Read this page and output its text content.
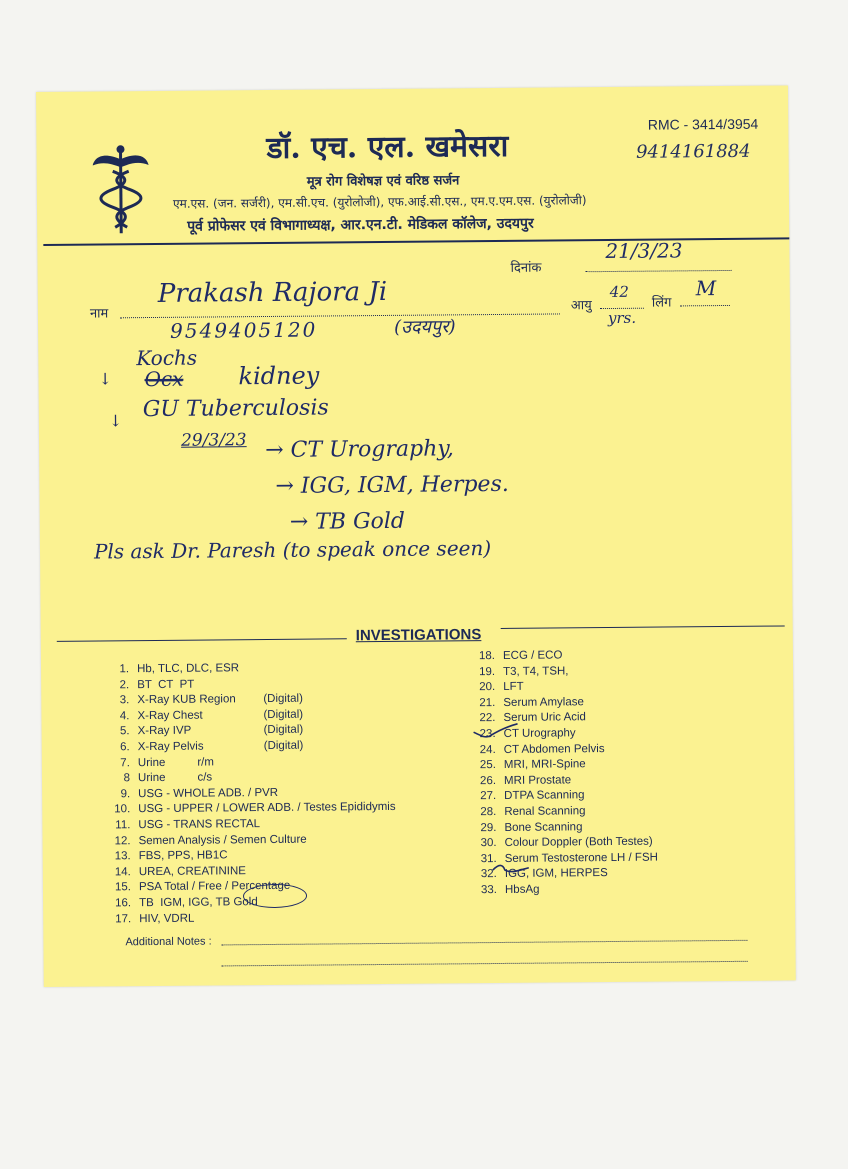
डॉ. एच. एल. खमेसरा
RMC - 3414/3954
9414161884
मूत्र रोग विशेषज्ञ एवं वरिष्ठ सर्जन
एम.एस. (जन. सर्जरी), एम.सी.एच. (युरोलोजी), एफ.आई.सी.एस., एम.ए.एम.एस. (युरोलोजी)
पूर्व प्रोफेसर एवं विभागाध्यक्ष, आर.एन.टी. मेडिकल कॉलेज, उदयपुर
दिनांक
21/3/23
नाम
Prakash Rajora Ji	आयु
42
लिंग
M
yrs.
9549405120	(उदयपुर)
↓
Kochs
O̶c̶x̶ kidney
↓ GU Tuberculosis
29/3/23 → CT Urography,
→ IGG, IGM, Herpes.
→ TB Gold
Pls ask Dr. Paresh (to speak once seen)
INVESTIGATIONS
1. Hb, TLC, DLC, ESR
2. BT  CT  PT
3. X-Ray KUB Region (Digital)
4. X-Ray Chest	(Digital)
5. X-Ray IVP	(Digital)
6. X-Ray Pelvis	(Digital)
7. Urine          r/m
8 Urine          c/s
9. USG - WHOLE ADB. / PVR
10. USG - UPPER / LOWER ADB. / Testes Epididymis
11. USG - TRANS RECTAL
12. Semen Analysis / Semen Culture
13. FBS, PPS, HB1C
14. UREA, CREATININE
15. PSA Total / Free / Percentage
16. TB  IGM, IGG, TB Gold
17. HIV, VDRL
18. ECG / ECO
19. T3, T4, TSH,
20. LFT
21. Serum Amylase
22. Serum Uric Acid
23. CT Urography
24. CT Abdomen Pelvis
25. MRI, MRI-Spine
26. MRI Prostate
27. DTPA Scanning
28. Renal Scanning
29. Bone Scanning
30. Colour Doppler (Both Testes)
31. Serum Testosterone LH / FSH
32. IGG, IGM, HERPES
33. HbsAg
Additional Notes :
